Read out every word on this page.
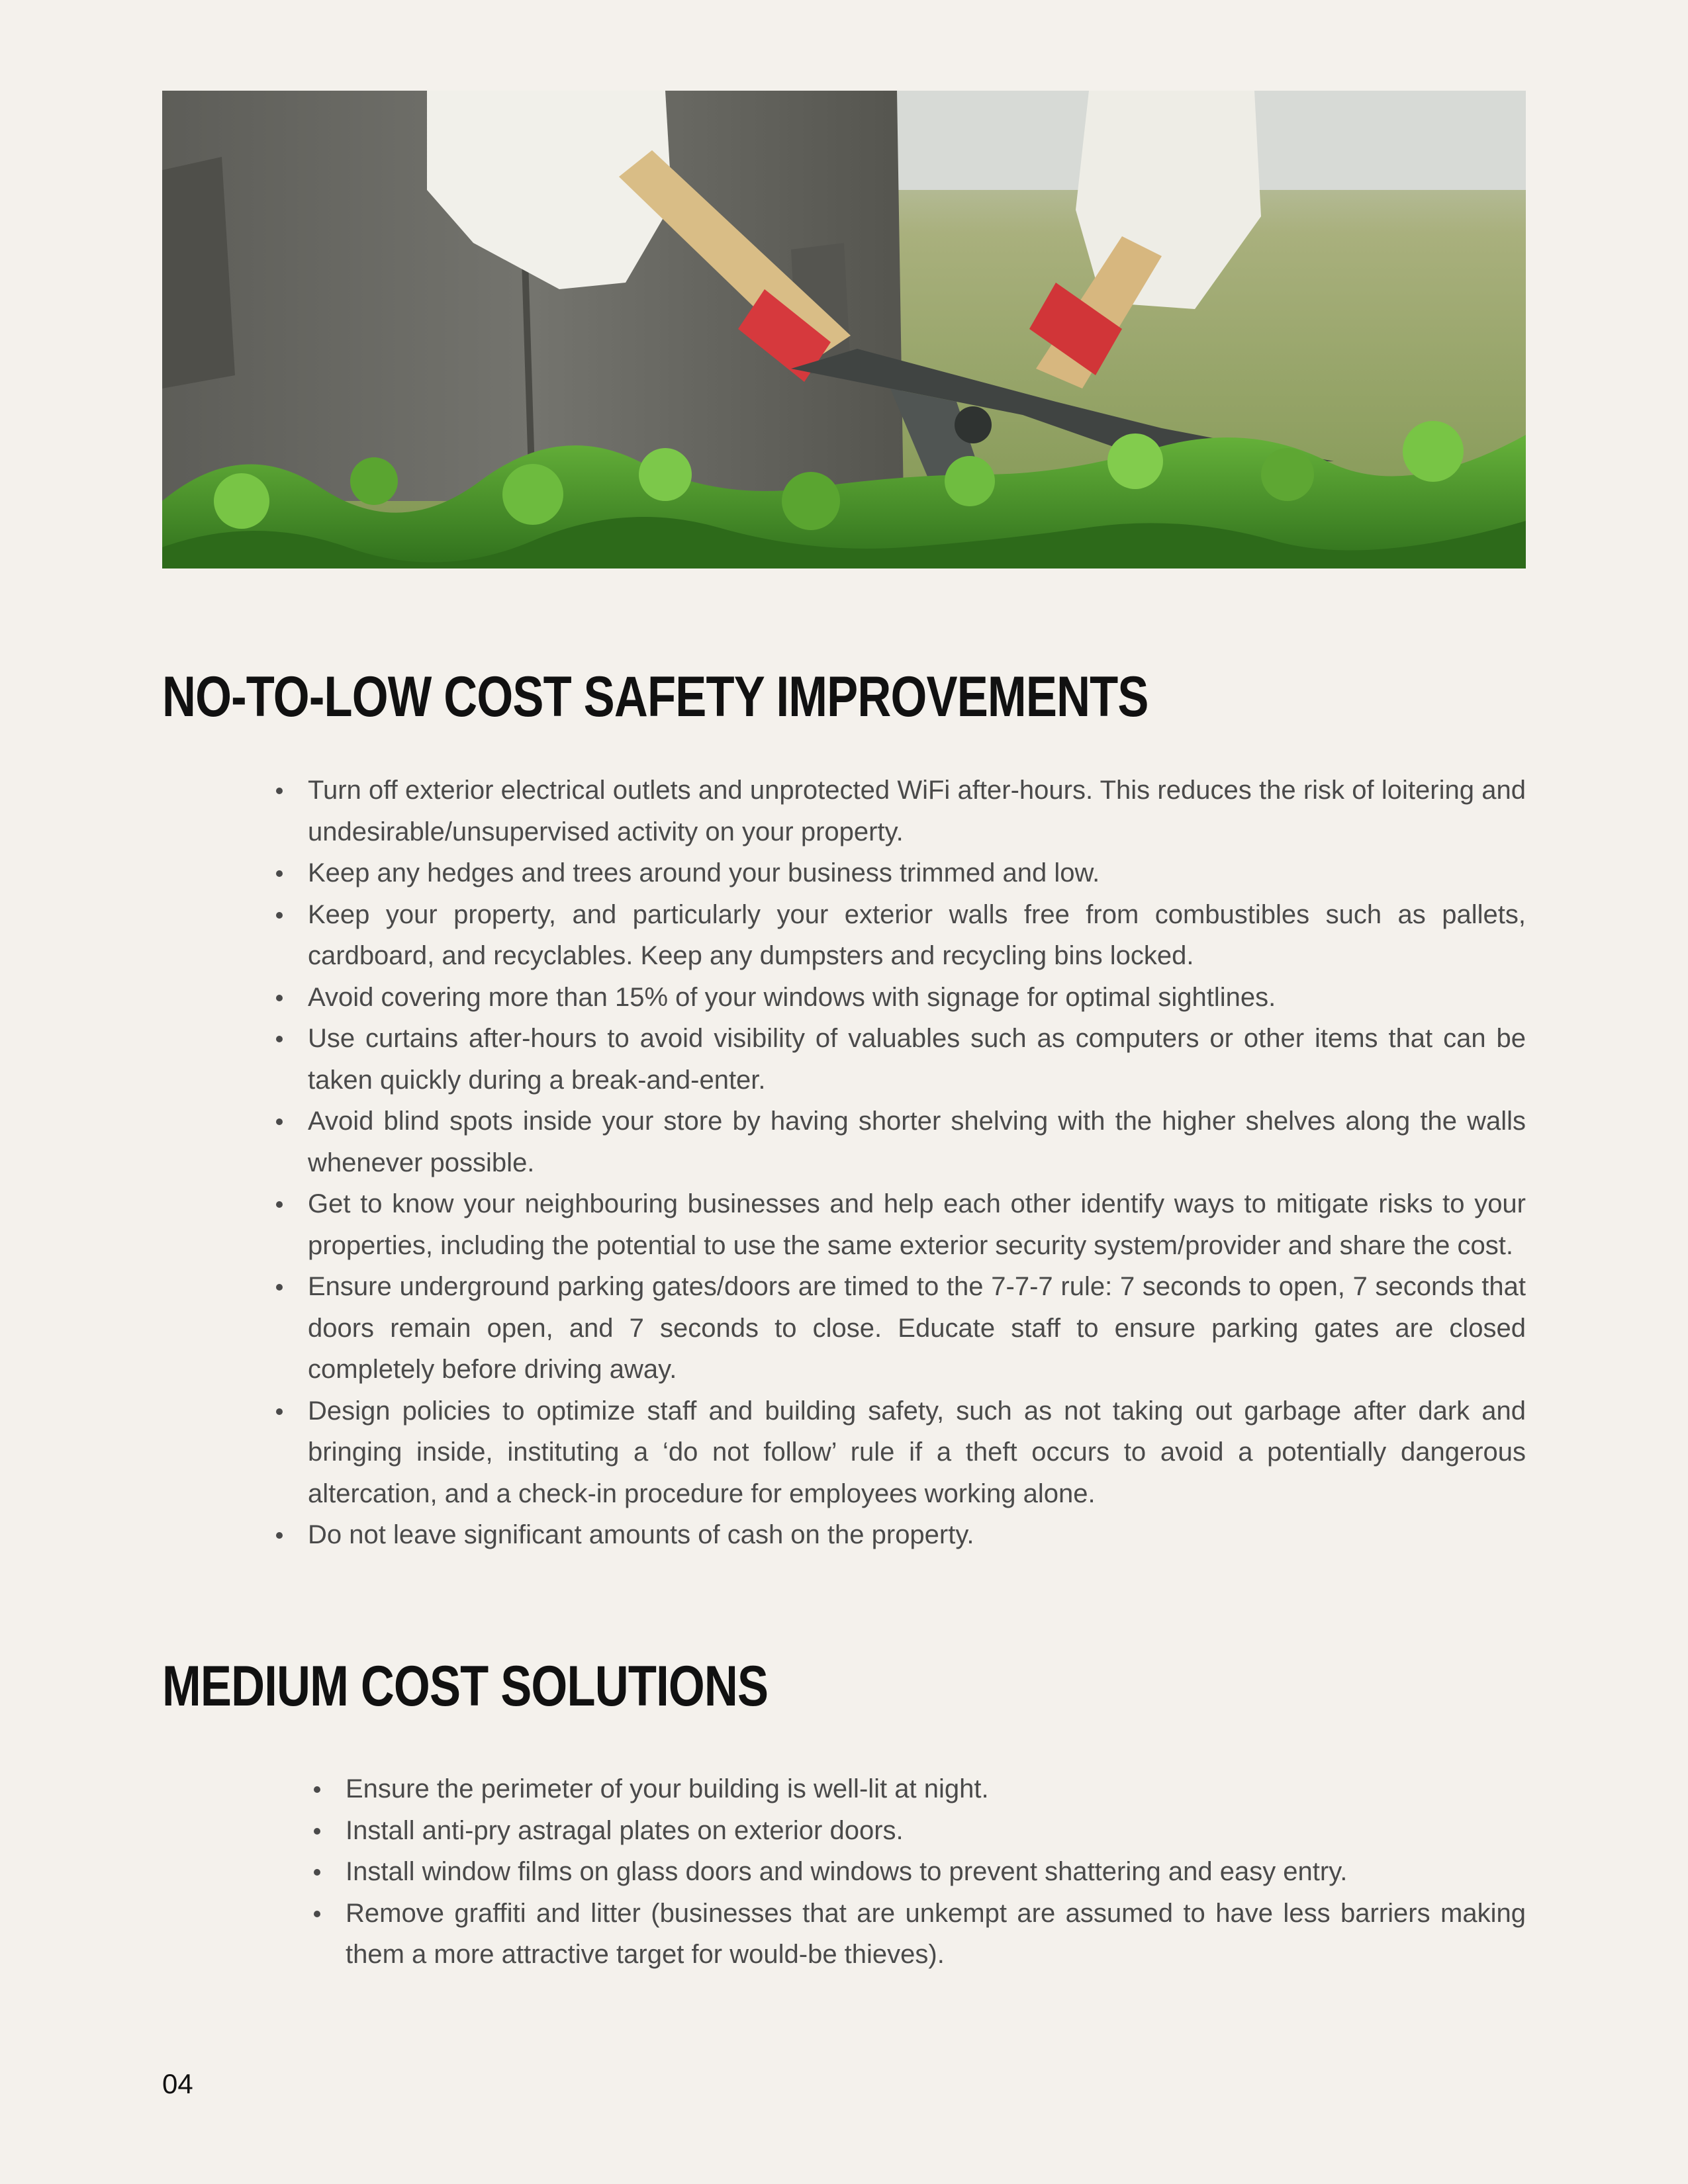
NO-TO-LOW COST SAFETY IMPROVEMENTS
Turn off exterior electrical outlets and unprotected WiFi after-hours. This reduces the risk of loitering and undesirable/unsupervised activity on your property.
Keep any hedges and trees around your business trimmed and low.
Keep your property, and particularly your exterior walls free from combustibles such as pallets, cardboard, and recyclables. Keep any dumpsters and recycling bins locked.
Avoid covering more than 15% of your windows with signage for optimal sightlines.
Use curtains after-hours to avoid visibility of valuables such as computers or other items that can be taken quickly during a break-and-enter.
Avoid blind spots inside your store by having shorter shelving with the higher shelves along the walls whenever possible.
Get to know your neighbouring businesses and help each other identify ways to mitigate risks to your properties, including the potential to use the same exterior security system/provider and share the cost.
Ensure underground parking gates/doors are timed to the 7-7-7 rule: 7 seconds to open, 7 seconds that doors remain open, and 7 seconds to close. Educate staff to ensure parking gates are closed completely before driving away.
Design policies to optimize staff and building safety, such as not taking out garbage after dark and bringing inside, instituting a ‘do not follow’ rule if a theft occurs to avoid a potentially dangerous altercation, and a check-in procedure for employees working alone.
Do not leave significant amounts of cash on the property.
MEDIUM COST SOLUTIONS
Ensure the perimeter of your building is well-lit at night.
Install anti-pry astragal plates on exterior doors.
Install window films on glass doors and windows to prevent shattering and easy entry.
Remove graffiti and litter (businesses that are unkempt are assumed to have less barriers making them a more attractive target for would-be thieves).
04
